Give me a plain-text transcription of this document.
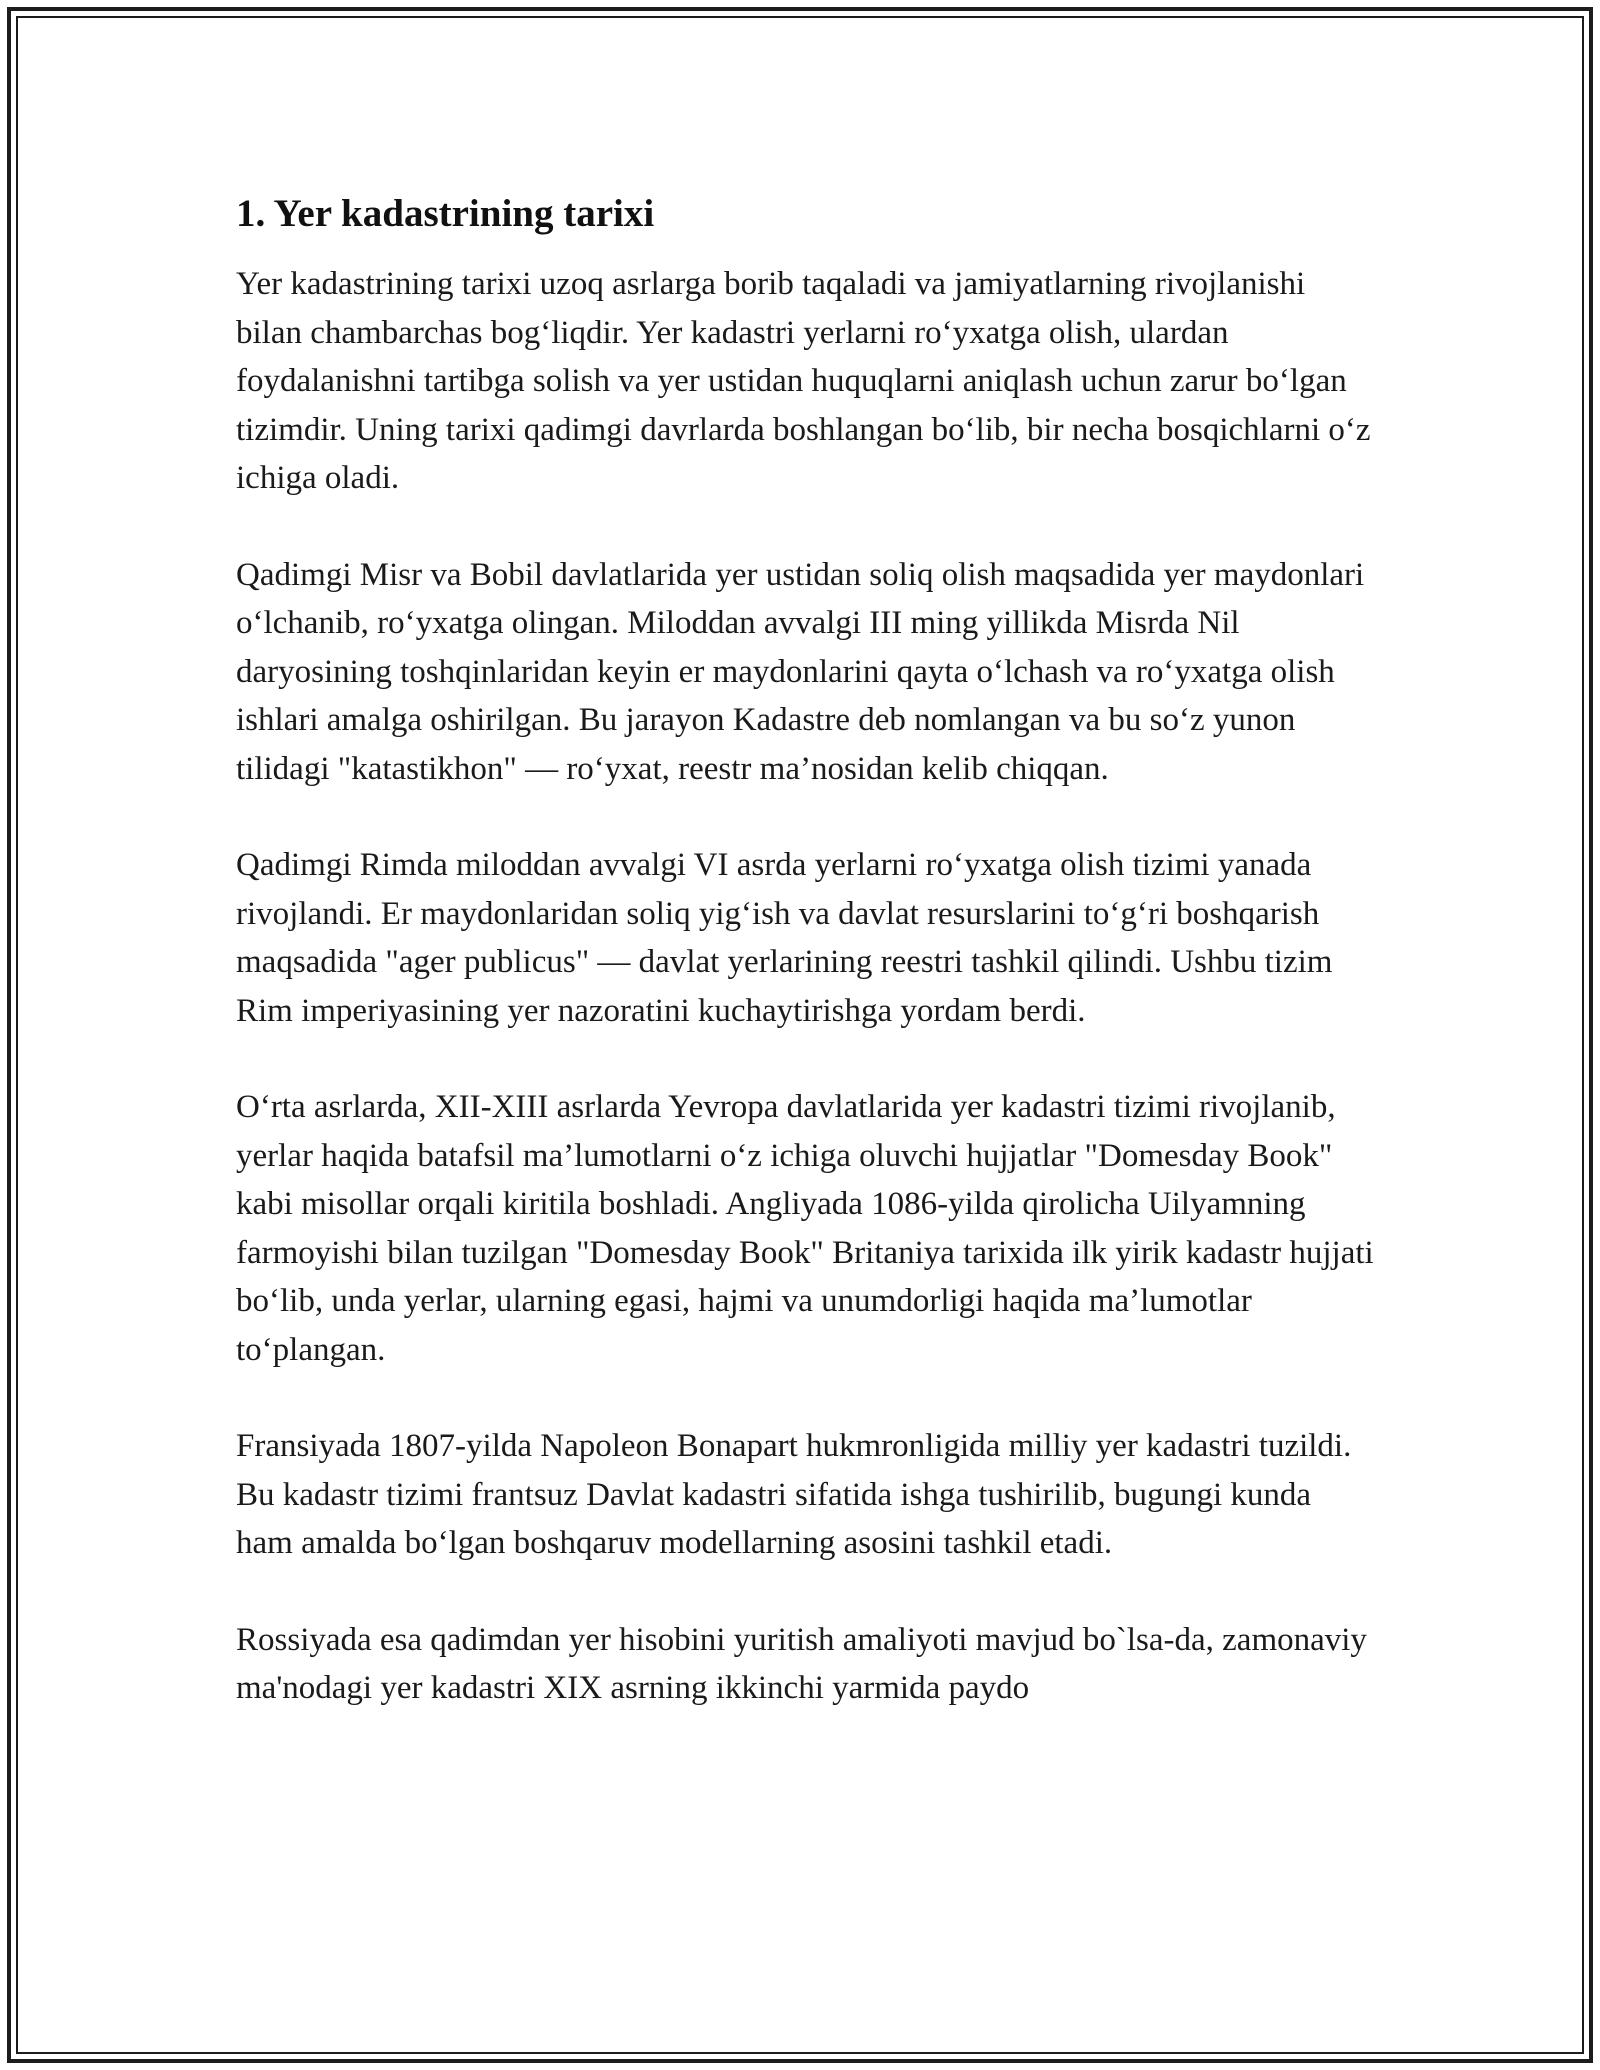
1. Yer kadastrining tarixi

Yer kadastrining tarixi uzoq asrlarga borib taqaladi va jamiyatlarning rivojlanishi bilan chambarchas bog‘liqdir. Yer kadastri yerlarni ro‘yxatga olish, ulardan foydalanishni tartibga solish va yer ustidan huquqlarni aniqlash uchun zarur bo‘lgan tizimdir. Uning tarixi qadimgi davrlarda boshlangan bo‘lib, bir necha bosqichlarni o‘z ichiga oladi.

Qadimgi Misr va Bobil davlatlarida yer ustidan soliq olish maqsadida yer maydonlari o‘lchanib, ro‘yxatga olingan. Miloddan avvalgi III ming yillikda Misrda Nil daryosining toshqinlaridan keyin er maydonlarini qayta o‘lchash va ro‘yxatga olish ishlari amalga oshirilgan. Bu jarayon Kadastre deb nomlangan va bu so‘z yunon tilidagi "katastikhon" — ro‘yxat, reestr ma’nosidan kelib chiqqan.

Qadimgi Rimda miloddan avvalgi VI asrda yerlarni ro‘yxatga olish tizimi yanada rivojlandi. Er maydonlaridan soliq yig‘ish va davlat resurslarini to‘g‘ri boshqarish maqsadida "ager publicus" — davlat yerlarining reestri tashkil qilindi. Ushbu tizim Rim imperiyasining yer nazoratini kuchaytirishga yordam berdi.

O‘rta asrlarda, XII-XIII asrlarda Yevropa davlatlarida yer kadastri tizimi rivojlanib, yerlar haqida batafsil ma’lumotlarni o‘z ichiga oluvchi hujjatlar "Domesday Book" kabi misollar orqali kiritila boshladi. Angliyada 1086-yilda qirolicha Uilyamning farmoyishi bilan tuzilgan "Domesday Book" Britaniya tarixida ilk yirik kadastr hujjati bo‘lib, unda yerlar, ularning egasi, hajmi va unumdorligi haqida ma’lumotlar to‘plangan.

Fransiyada 1807-yilda Napoleon Bonapart hukmronligida milliy yer kadastri tuzildi. Bu kadastr tizimi frantsuz Davlat kadastri sifatida ishga tushirilib, bugungi kunda ham amalda bo‘lgan boshqaruv modellarning asosini tashkil etadi.

Rossiyada esa qadimdan yer hisobini yuritish amaliyoti mavjud bo`lsa-da, zamonaviy ma'nodagi yer kadastri XIX asrning ikkinchi yarmida paydo
